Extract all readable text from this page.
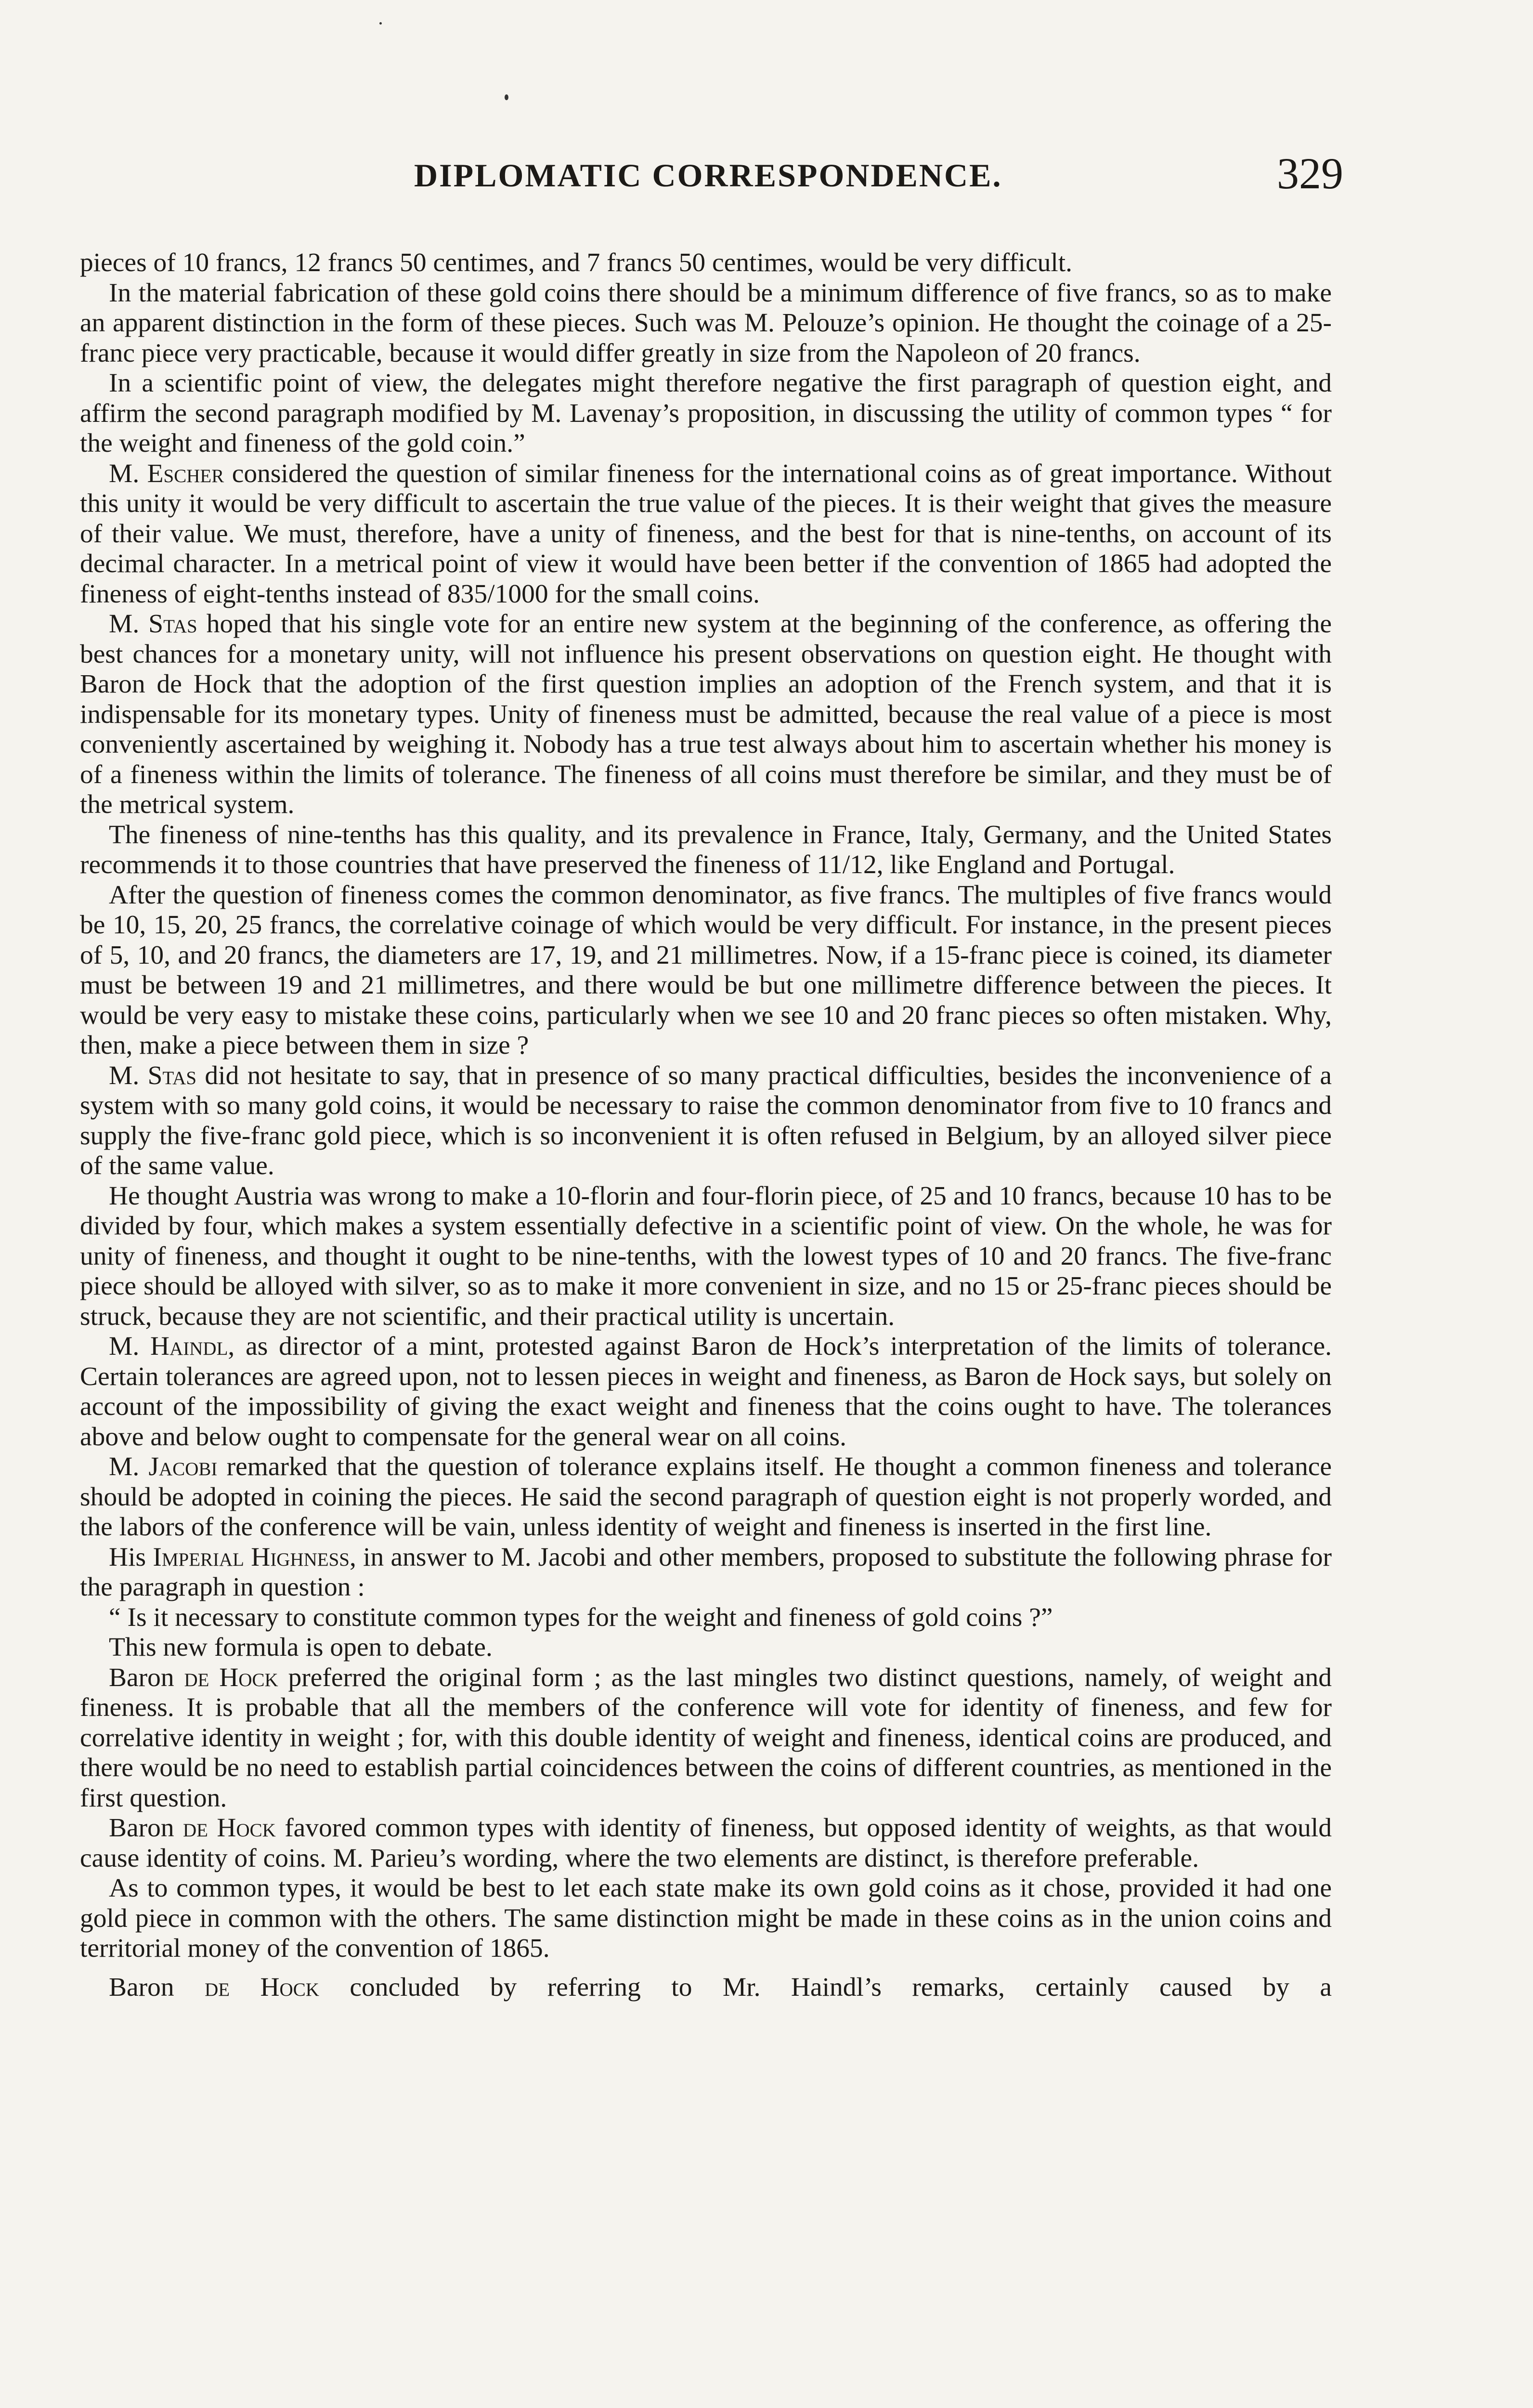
DIPLOMATIC CORRESPONDENCE.	329

pieces of 10 francs, 12 francs 50 centimes, and 7 francs 50 centimes, would be very difficult.

In the material fabrication of these gold coins there should be a minimum difference of five francs, so as to make an apparent distinction in the form of these pieces. Such was M. Pelouze’s opinion. He thought the coinage of a 25-franc piece very practicable, because it would differ greatly in size from the Napoleon of 20 francs.

In a scientific point of view, the delegates might therefore negative the first paragraph of question eight, and affirm the second paragraph modified by M. Lavenay’s proposition, in discussing the utility of common types “ for the weight and fineness of the gold coin.”

M. Escher considered the question of similar fineness for the international coins as of great importance. Without this unity it would be very difficult to ascertain the true value of the pieces. It is their weight that gives the measure of their value. We must, therefore, have a unity of fineness, and the best for that is nine-tenths, on account of its decimal character. In a metrical point of view it would have been better if the convention of 1865 had adopted the fineness of eight-tenths instead of 835/1000 for the small coins.

M. Stas hoped that his single vote for an entire new system at the beginning of the conference, as offering the best chances for a monetary unity, will not influence his present observations on question eight. He thought with Baron de Hock that the adoption of the first question implies an adoption of the French system, and that it is indispensable for its monetary types. Unity of fineness must be admitted, because the real value of a piece is most conveniently ascertained by weighing it. Nobody has a true test always about him to ascertain whether his money is of a fineness within the limits of tolerance. The fineness of all coins must therefore be similar, and they must be of the metrical system.

The fineness of nine-tenths has this quality, and its prevalence in France, Italy, Germany, and the United States recommends it to those countries that have preserved the fineness of 11/12, like England and Portugal.

After the question of fineness comes the common denominator, as five francs. The multiples of five francs would be 10, 15, 20, 25 francs, the correlative coinage of which would be very difficult. For instance, in the present pieces of 5, 10, and 20 francs, the diameters are 17, 19, and 21 millimetres. Now, if a 15-franc piece is coined, its diameter must be between 19 and 21 millimetres, and there would be but one millimetre difference between the pieces. It would be very easy to mistake these coins, particularly when we see 10 and 20 franc pieces so often mistaken. Why, then, make a piece between them in size ?

M. Stas did not hesitate to say, that in presence of so many practical difficulties, besides the inconvenience of a system with so many gold coins, it would be necessary to raise the common denominator from five to 10 francs and supply the five-franc gold piece, which is so inconvenient it is often refused in Belgium, by an alloyed silver piece of the same value.

He thought Austria was wrong to make a 10-florin and four-florin piece, of 25 and 10 francs, because 10 has to be divided by four, which makes a system essentially defective in a scientific point of view. On the whole, he was for unity of fineness, and thought it ought to be nine-tenths, with the lowest types of 10 and 20 francs. The five-franc piece should be alloyed with silver, so as to make it more convenient in size, and no 15 or 25-franc pieces should be struck, because they are not scientific, and their practical utility is uncertain.

M. Haindl, as director of a mint, protested against Baron de Hock’s interpretation of the limits of tolerance. Certain tolerances are agreed upon, not to lessen pieces in weight and fineness, as Baron de Hock says, but solely on account of the impossibility of giving the exact weight and fineness that the coins ought to have. The tolerances above and below ought to compensate for the general wear on all coins.

M. Jacobi remarked that the question of tolerance explains itself. He thought a common fineness and tolerance should be adopted in coining the pieces. He said the second paragraph of question eight is not properly worded, and the labors of the conference will be vain, unless identity of weight and fineness is inserted in the first line.

His Imperial Highness, in answer to M. Jacobi and other members, proposed to substitute the following phrase for the paragraph in question :

“ Is it necessary to constitute common types for the weight and fineness of gold coins ?”

This new formula is open to debate.

Baron de Hock preferred the original form ; as the last mingles two distinct questions, namely, of weight and fineness. It is probable that all the members of the conference will vote for identity of fineness, and few for correlative identity in weight ; for, with this double identity of weight and fineness, identical coins are produced, and there would be no need to establish partial coincidences between the coins of different countries, as mentioned in the first question.

Baron de Hock favored common types with identity of fineness, but opposed identity of weights, as that would cause identity of coins. M. Parieu’s wording, where the two elements are distinct, is therefore preferable.

As to common types, it would be best to let each state make its own gold coins as it chose, provided it had one gold piece in common with the others. The same distinction might be made in these coins as in the union coins and territorial money of the convention of 1865.

Baron de Hock concluded by referring to Mr. Haindl’s remarks, certainly caused by a
